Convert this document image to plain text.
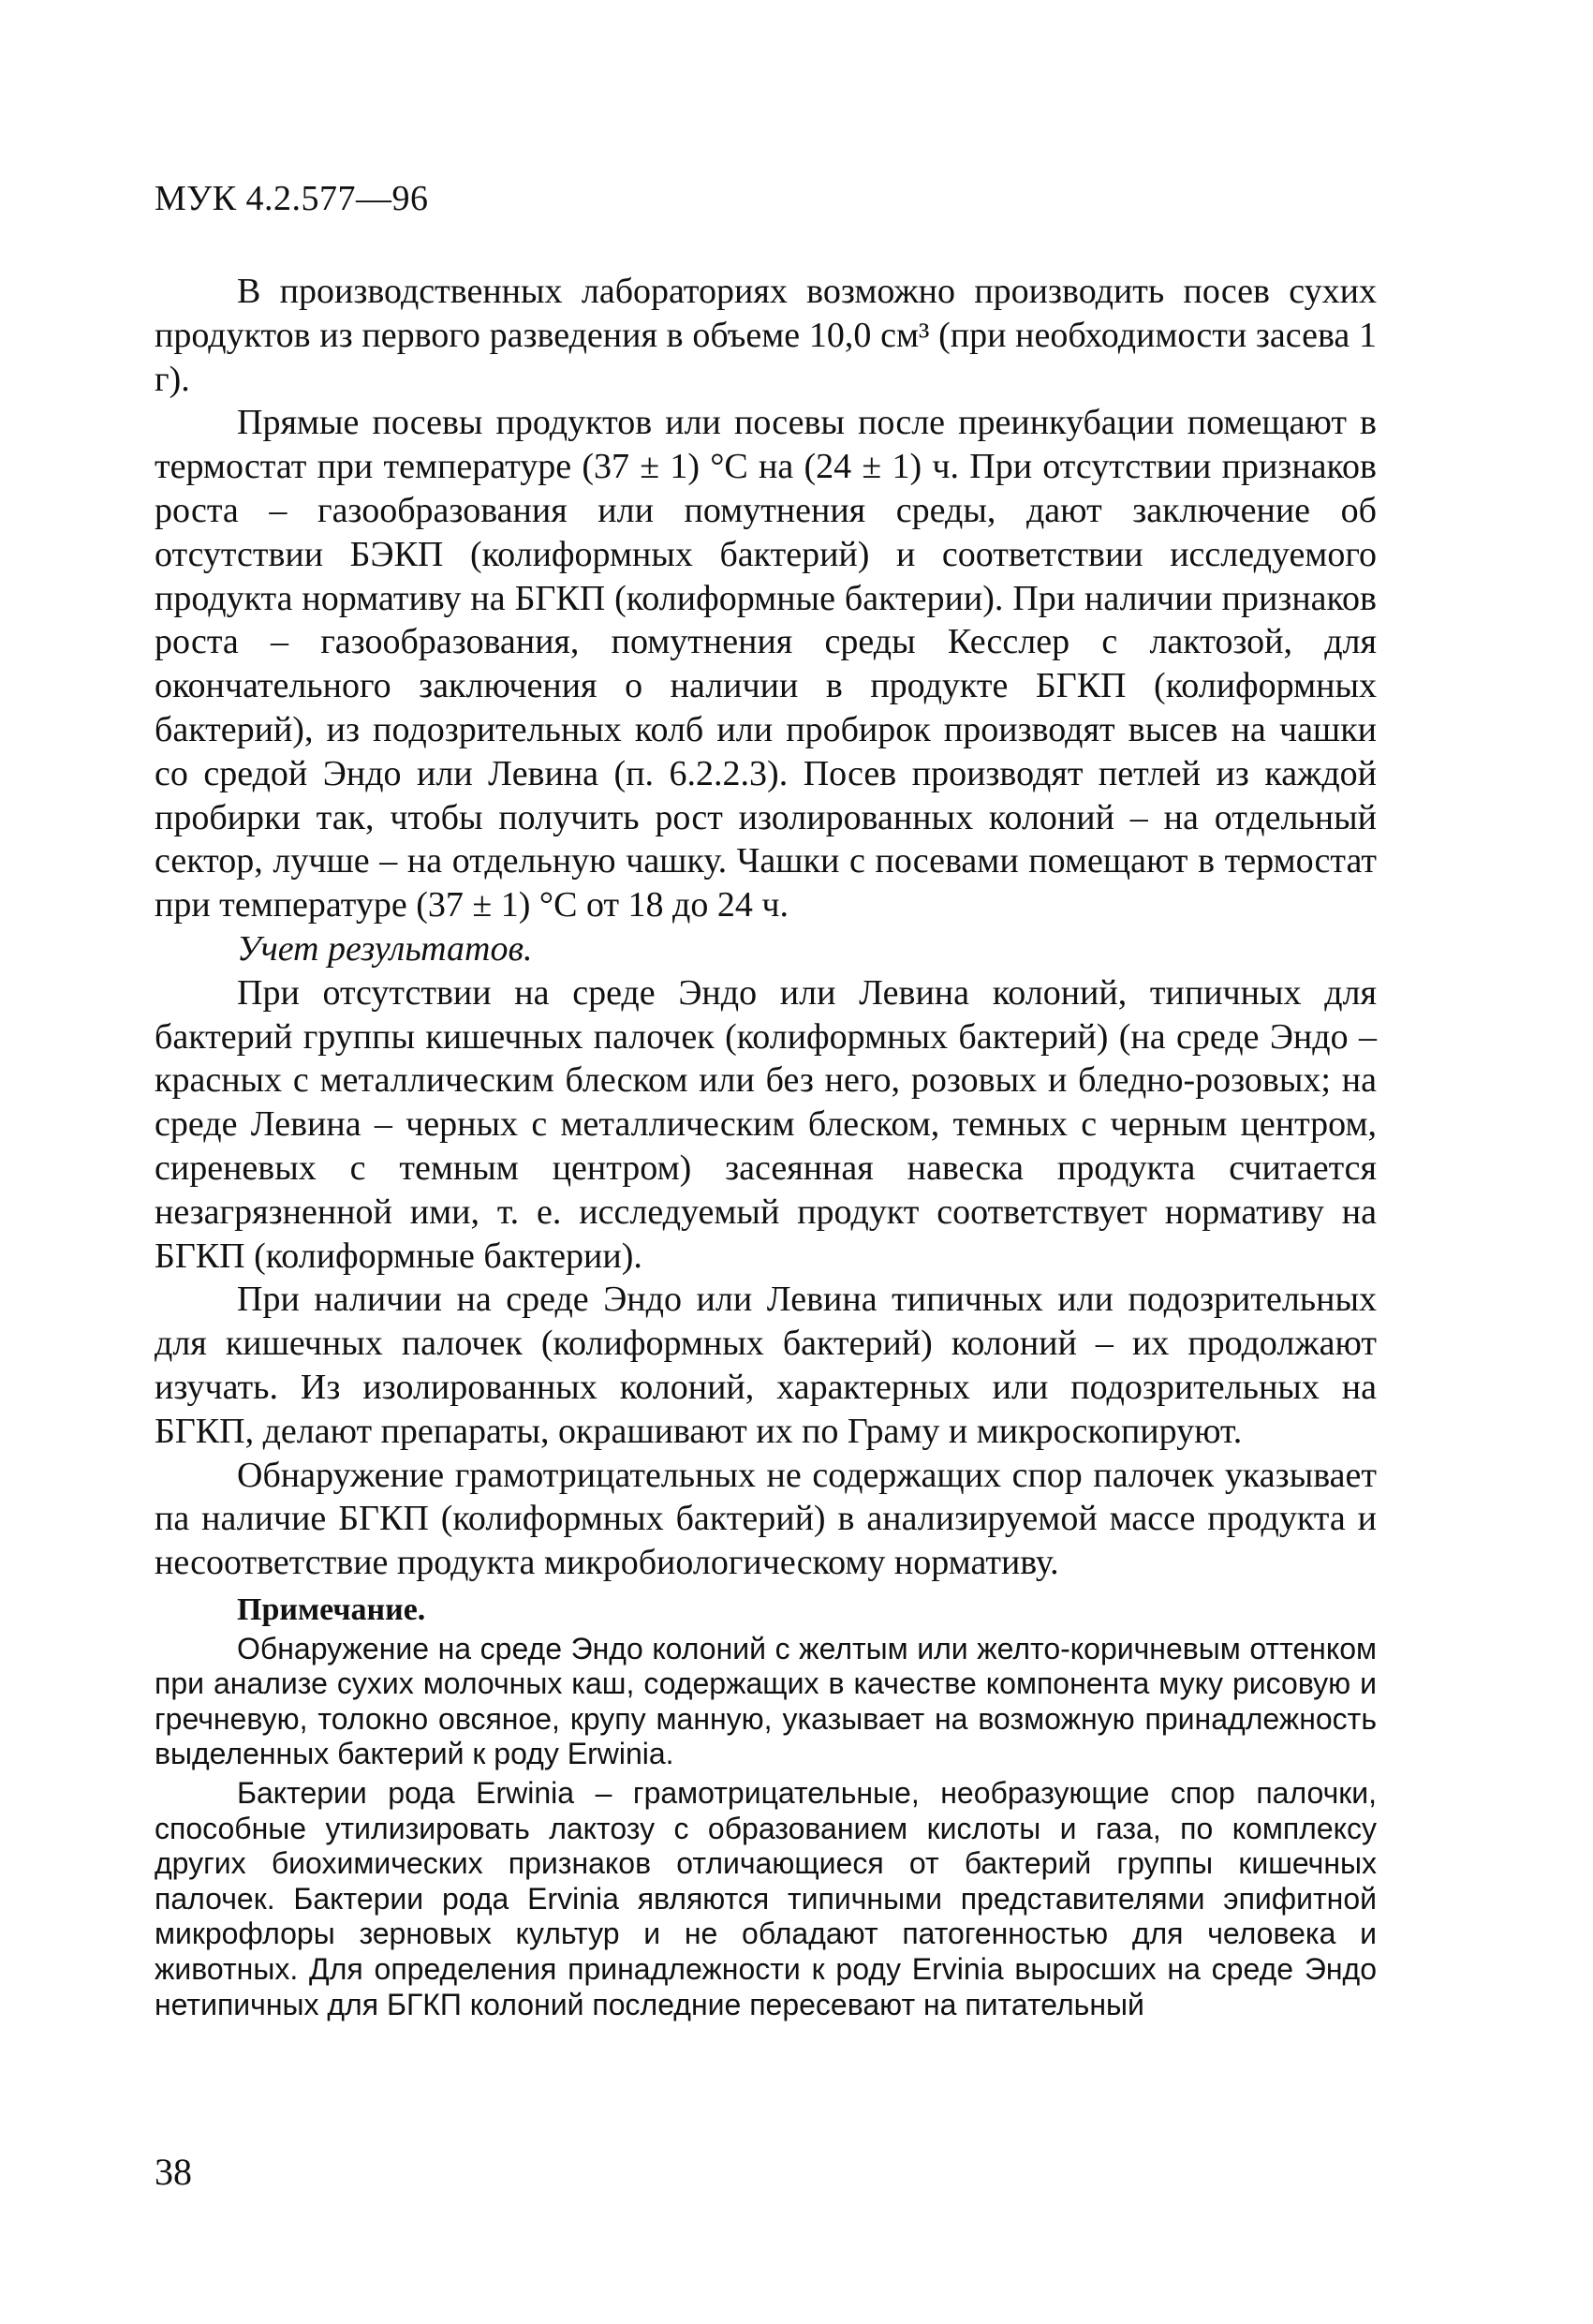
МУК 4.2.577—96

В производственных лабораториях возможно производить посев сухих продуктов из первого разведения в объеме 10,0 см³ (при необходимости засева 1 г).

Прямые посевы продуктов или посевы после преинкубации помещают в термостат при температуре (37 ± 1) °С на (24 ± 1) ч. При отсутствии признаков роста – газообразования или помутнения среды, дают заключение об отсутствии БЭКП (колиформных бактерий) и соответствии исследуемого продукта нормативу на БГКП (колиформные бактерии). При наличии признаков роста – газообразования, помутнения среды Кесслер с лактозой, для окончательного заключения о наличии в продукте БГКП (колиформных бактерий), из подозрительных колб или пробирок производят высев на чашки со средой Эндо или Левина (п. 6.2.2.3). Посев производят петлей из каждой пробирки так, чтобы получить рост изолированных колоний – на отдельный сектор, лучше – на отдельную чашку. Чашки с посевами помещают в термостат при температуре (37 ± 1) °С от 18 до 24 ч.

Учет результатов.

При отсутствии на среде Эндо или Левина колоний, типичных для бактерий группы кишечных палочек (колиформных бактерий) (на среде Эндо – красных с металлическим блеском или без него, розовых и бледно-розовых; на среде Левина – черных с металлическим блеском, темных с черным центром, сиреневых с темным центром) засеянная навеска продукта считается незагрязненной ими, т. е. исследуемый продукт соответствует нормативу на БГКП (колиформные бактерии).

При наличии на среде Эндо или Левина типичных или подозрительных для кишечных палочек (колиформных бактерий) колоний – их продолжают изучать. Из изолированных колоний, характерных или подозрительных на БГКП, делают препараты, окрашивают их по Граму и микроскопируют.

Обнаружение грамотрицательных не содержащих спор палочек указывает па наличие БГКП (колиформных бактерий) в анализируемой массе продукта и несоответствие продукта микробиологическому нормативу.

Примечание.

Обнаружение на среде Эндо колоний с желтым или желто-коричневым оттенком при анализе сухих молочных каш, содержащих в качестве компонента муку рисовую и гречневую, толокно овсяное, крупу манную, указывает на возможную принадлежность выделенных бактерий к роду Erwinia.

Бактерии рода Erwinia – грамотрицательные, необразующие спор палочки, способные утилизировать лактозу с образованием кислоты и газа, по комплексу других биохимических признаков отличающиеся от бактерий группы кишечных палочек. Бактерии рода Ervinia являются типичными представителями эпифитной микрофлоры зерновых культур и не обладают патогенностью для человека и животных. Для определения принадлежности к роду Ervinia выросших на среде Эндо нетипичных для БГКП колоний последние пересевают на питательный

38
